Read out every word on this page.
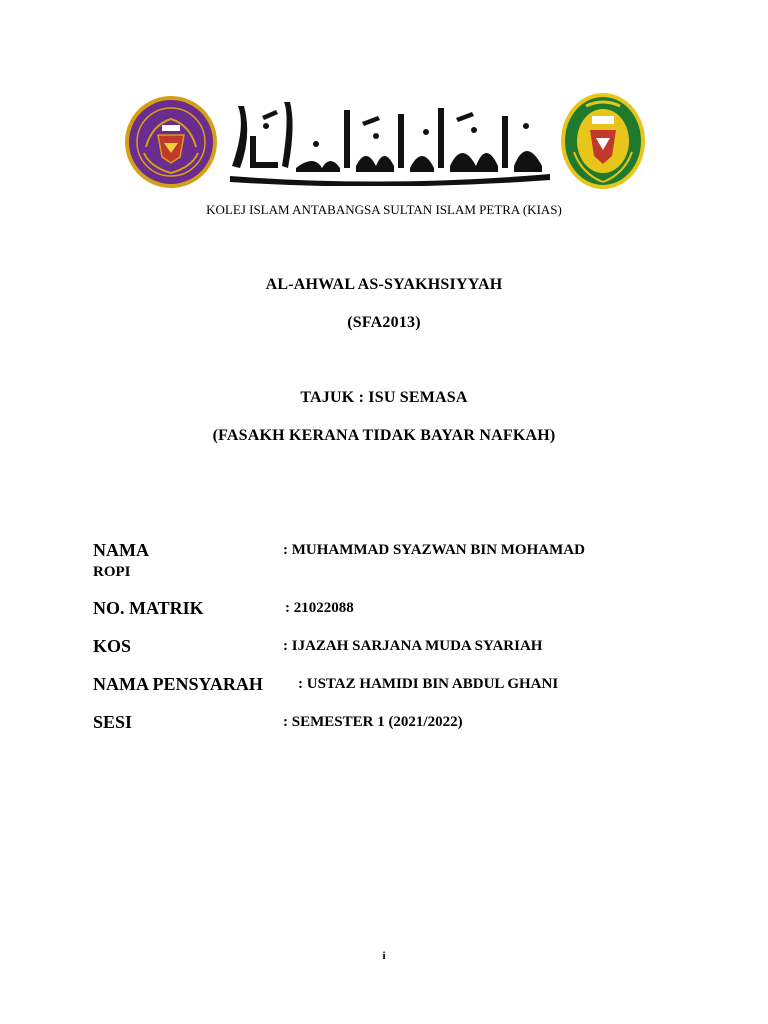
KOLEJ ISLAM ANTABANGSA SULTAN ISLAM PETRA (KIAS)
AL-AHWAL AS-SYAKHSIYYAH
(SFA2013)
TAJUK : ISU SEMASA
(FASAKH KERANA TIDAK BAYAR NAFKAH)
NAMA	: MUHAMMAD SYAZWAN BIN MOHAMAD
ROPI
NO. MATRIK	: 21022088
KOS	: IJAZAH SARJANA MUDA SYARIAH
NAMA PENSYARAH : USTAZ HAMIDI BIN ABDUL GHANI
SESI	: SEMESTER 1 (2021/2022)
i
